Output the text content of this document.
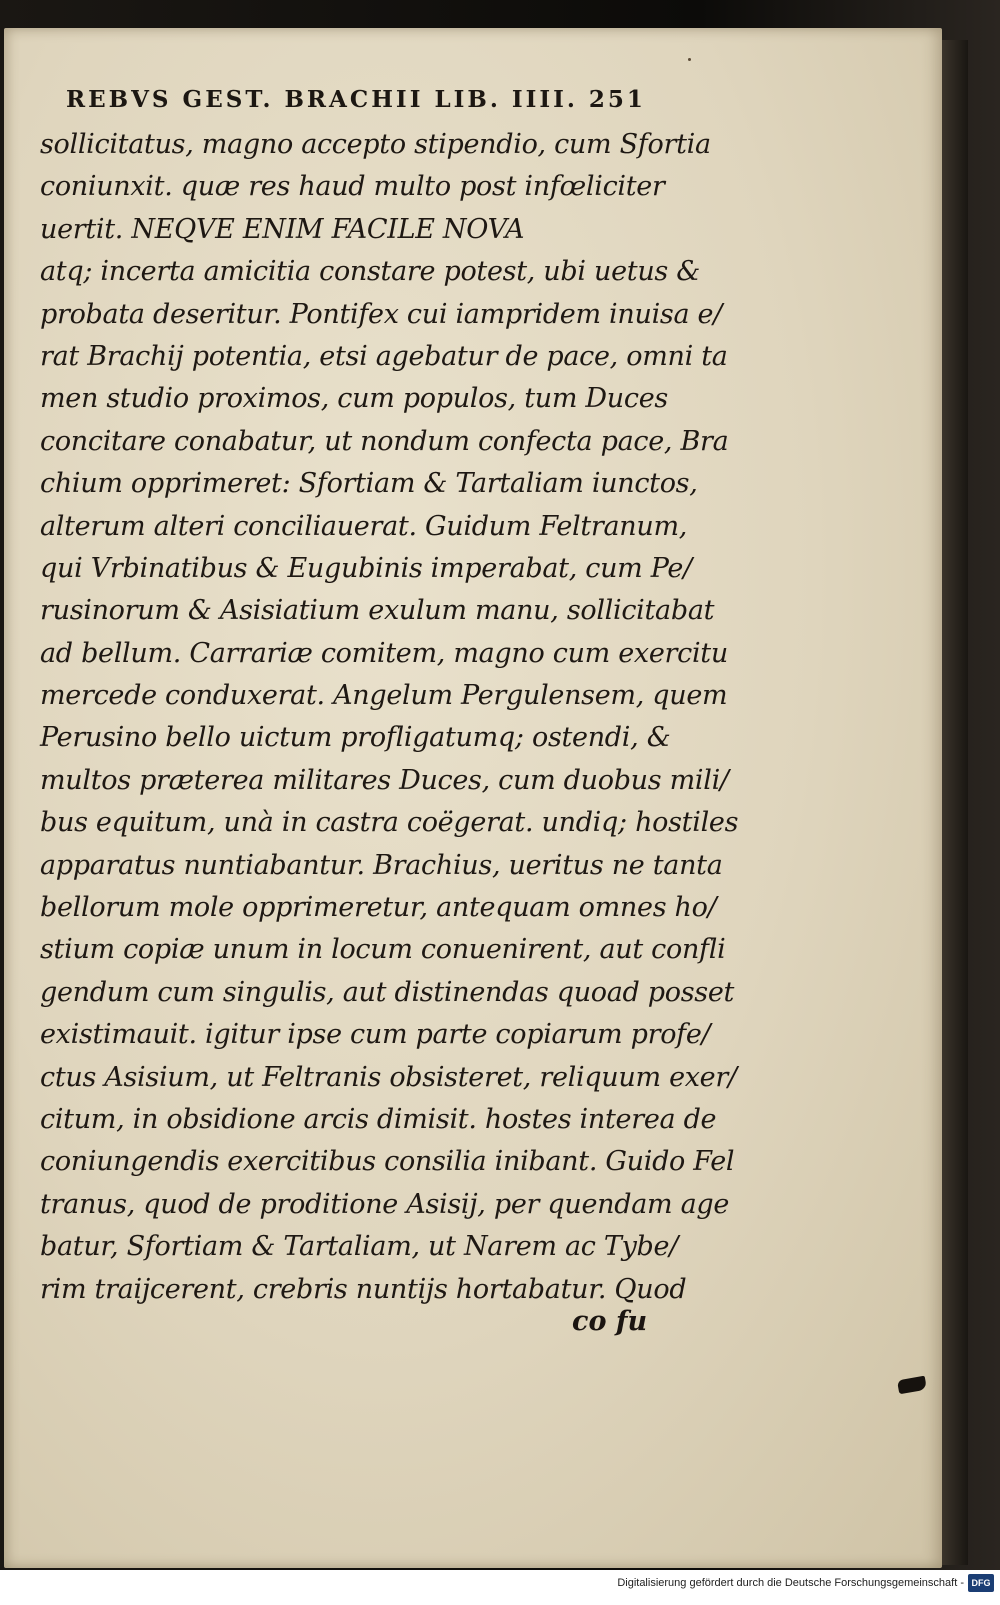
REBVS GEST. BRACHII LIB. IIII. 251
sollicitatus, magno accepto stipendio, cum Sfortia
coniunxit. quæ res haud multo post infœliciter
uertit. NEQVE ENIM FACILE NOVA
atq; incerta amicitia constare potest, ubi uetus &
probata deseritur. Pontifex cui iampridem inuisa e/
rat Brachij potentia, etsi agebatur de pace, omni ta
men studio proximos, cum populos, tum Duces
concitare conabatur, ut nondum confecta pace, Bra
chium opprimeret: Sfortiam & Tartaliam iunctos,
alterum alteri conciliauerat. Guidum Feltranum,
qui Vrbinatibus & Eugubinis imperabat, cum Pe/
rusinorum & Asisiatium exulum manu, sollicitabat
ad bellum. Carrariæ comitem, magno cum exercitu
mercede conduxerat. Angelum Pergulensem, quem
Perusino bello uictum profligatumq; ostendi, &
multos præterea militares Duces, cum duobus mili/
bus equitum, unà in castra coëgerat. undiq; hostiles
apparatus nuntiabantur. Brachius, ueritus ne tanta
bellorum mole opprimeretur, antequam omnes ho/
stium copiæ unum in locum conuenirent, aut confli
gendum cum singulis, aut distinendas quoad posset
existimauit. igitur ipse cum parte copiarum profe/
ctus Asisium, ut Feltranis obsisteret, reliquum exer/
citum, in obsidione arcis dimisit. hostes interea de
coniungendis exercitibus consilia inibant. Guido Fel
tranus, quod de proditione Asisij, per quendam age
batur, Sfortiam & Tartaliam, ut Narem ac Tybe/
rim traijcerent, crebris nuntijs hortabatur. Quod
co fu
Digitalisierung gefördert durch die Deutsche Forschungsgemeinschaft - DFG
